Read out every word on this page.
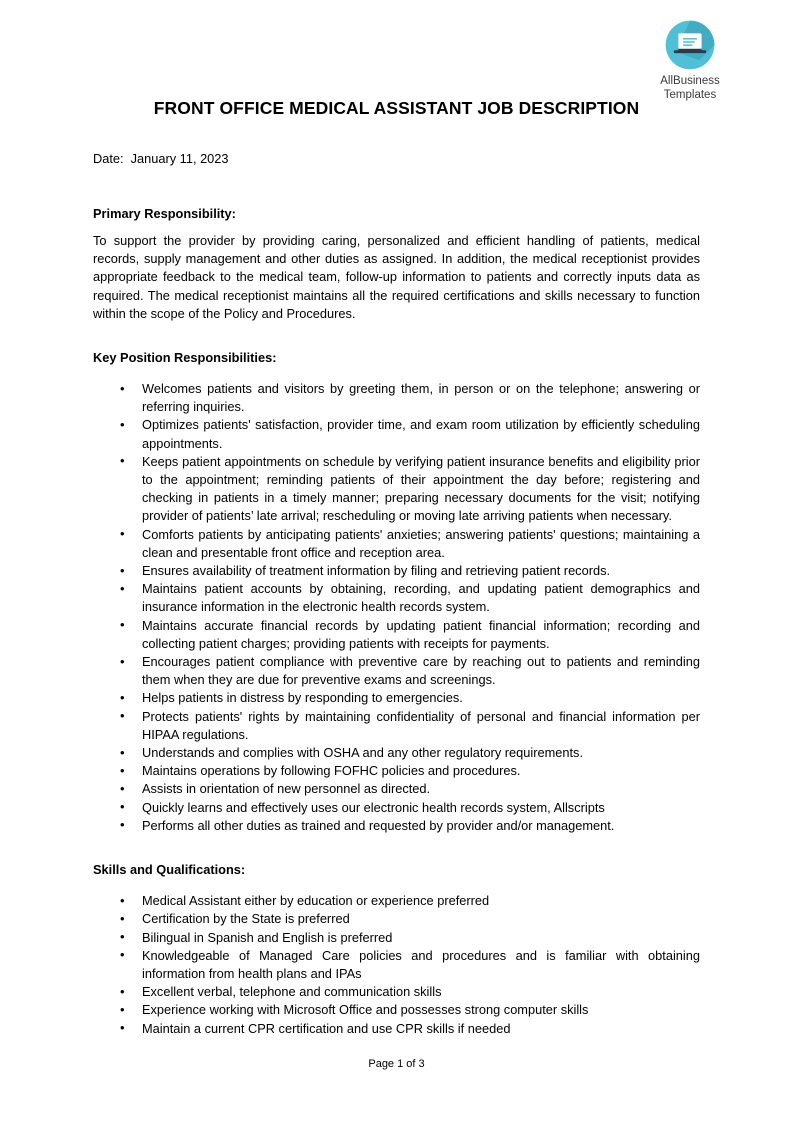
AllBusiness
Templates
FRONT OFFICE MEDICAL ASSISTANT JOB DESCRIPTION
Date: January 11, 2023
Primary Responsibility:

To support the provider by providing caring, personalized and efficient handling of patients, medical records, supply management and other duties as assigned. In addition, the medical receptionist provides appropriate feedback to the medical team, follow-up information to patients and correctly inputs data as required. The medical receptionist maintains all the required certifications and skills necessary to function within the scope of the Policy and Procedures.

Key Position Responsibilities:
• Welcomes patients and visitors by greeting them, in person or on the telephone; answering or referring inquiries.
• Optimizes patients' satisfaction, provider time, and exam room utilization by efficiently scheduling appointments.
• Keeps patient appointments on schedule by verifying patient insurance benefits and eligibility prior to the appointment; reminding patients of their appointment the day before; registering and checking in patients in a timely manner; preparing necessary documents for the visit; notifying provider of patients’ late arrival; rescheduling or moving late arriving patients when necessary.
• Comforts patients by anticipating patients' anxieties; answering patients' questions; maintaining a clean and presentable front office and reception area.
• Ensures availability of treatment information by filing and retrieving patient records.
• Maintains patient accounts by obtaining, recording, and updating patient demographics and insurance information in the electronic health records system.
• Maintains accurate financial records by updating patient financial information; recording and collecting patient charges; providing patients with receipts for payments.
• Encourages patient compliance with preventive care by reaching out to patients and reminding them when they are due for preventive exams and screenings.
• Helps patients in distress by responding to emergencies.
• Protects patients' rights by maintaining confidentiality of personal and financial information per HIPAA regulations.
• Understands and complies with OSHA and any other regulatory requirements.
• Maintains operations by following FOFHC policies and procedures.
• Assists in orientation of new personnel as directed.
• Quickly learns and effectively uses our electronic health records system, Allscripts
• Performs all other duties as trained and requested by provider and/or management.
Skills and Qualifications:
• Medical Assistant either by education or experience preferred
• Certification by the State is preferred
• Bilingual in Spanish and English is preferred
• Knowledgeable of Managed Care policies and procedures and is familiar with obtaining information from health plans and IPAs
• Excellent verbal, telephone and communication skills
• Experience working with Microsoft Office and possesses strong computer skills
• Maintain a current CPR certification and use CPR skills if needed
Page 1 of 3
